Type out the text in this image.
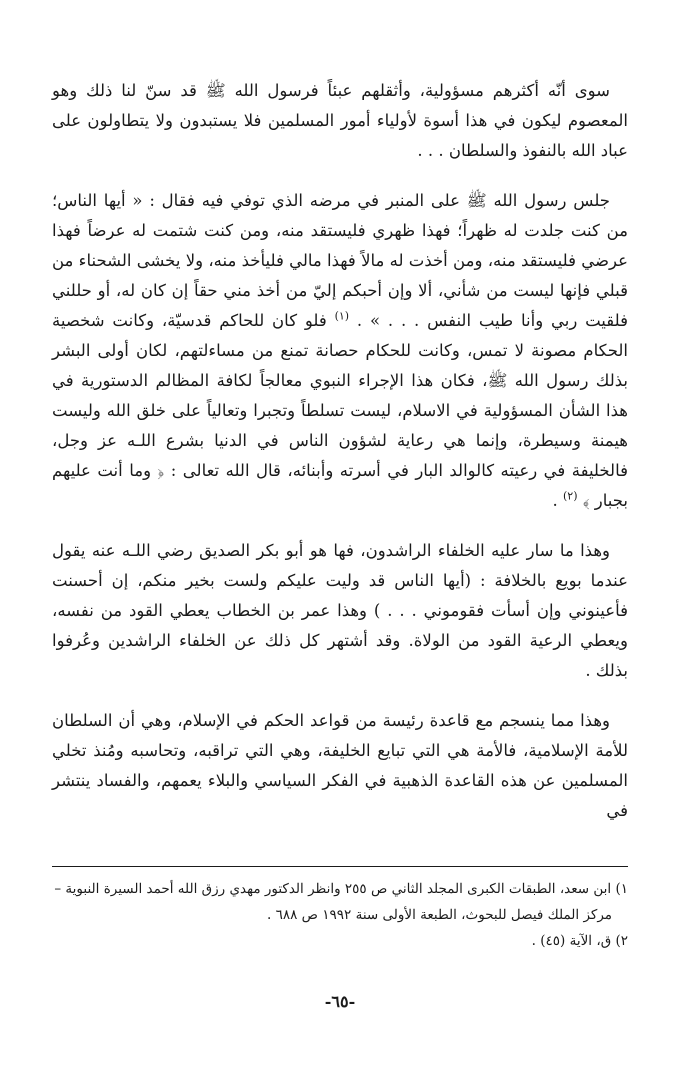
سوى أنّه أكثرهم مسؤولية، وأثقلهم عبئاً فرسول الله ﷺ قد سنّ لنا ذلك وهو المعصوم ليكون في هذا أسوة لأولياء أمور المسلمين فلا يستبدون ولا يتطاولون على عباد الله بالنفوذ والسلطان . . .

جلس رسول الله ﷺ على المنبر في مرضه الذي توفي فيه فقال : « أيها الناس؛ من كنت جلدت له ظهراً؛ فهذا ظهري فليستقد منه، ومن كنت شتمت له عرضاً فهذا عرضي فليستقد منه، ومن أخذت له مالاً فهذا مالي فليأخذ منه، ولا يخشى الشحناء من قبلي فإنها ليست من شأني، ألا وإن أحبكم إليّ من أخذ مني حقاً إن كان له، أو حللني فلقيت ربي وأنا طيب النفس . . . » . $^{(١)}$ فلو كان للحاكم قدسيّة، وكانت شخصية الحكام مصونة لا تمس، وكانت للحكام حصانة تمنع من مساءلتهم، لكان أولى البشر بذلك رسول الله ﷺ، فكان هذا الإجراء النبوي معالجاً لكافة المظالم الدستورية في هذا الشأن المسؤولية في الاسلام، ليست تسلطاً وتجبرا وتعالياً على خلق الله وليست هيمنة وسيطرة، وإنما هي رعاية لشؤون الناس في الدنيا بشرع اللـه عز وجل، فالخليفة في رعيته كالوالد البار في أسرته وأبنائه، قال الله تعالى : ﴿ وما أنت عليهم بجبار ﴾ $^{(٢)}$ .

وهذا ما سار عليه الخلفاء الراشدون، فها هو أبو بكر الصديق رضي اللـه عنه يقول عندما بويع بالخلافة : (أيها الناس قد وليت عليكم ولست بخير منكم، إن أحسنت فأعينوني وإن أسأت فقوموني . . . ) وهذا عمر بن الخطاب يعطي القود من نفسه، ويعطي الرعية القود من الولاة. وقد أشتهر كل ذلك عن الخلفاء الراشدين وعُرفوا بذلك .

وهذا مما ينسجم مع قاعدة رئيسة من قواعد الحكم في الإسلام، وهي أن السلطان للأمة الإسلامية، فالأمة هي التي تبايع الخليفة، وهي التي تراقبه، وتحاسبه ومُنذ تخلي المسلمين عن هذه القاعدة الذهبية في الفكر السياسي والبلاء يعمهم، والفساد ينتشر في

١) ابن سعد، الطبقات الكبرى المجلد الثاني ص ٢٥٥ وانظر الدكتور مهدي رزق الله أحمد السيرة النبوية –

مركز الملك فيصل للبحوث، الطبعة الأولى سنة ١٩٩٢ ص ٦٨٨ .

٢) ق، الآية (٤٥) .

-٦٥-
